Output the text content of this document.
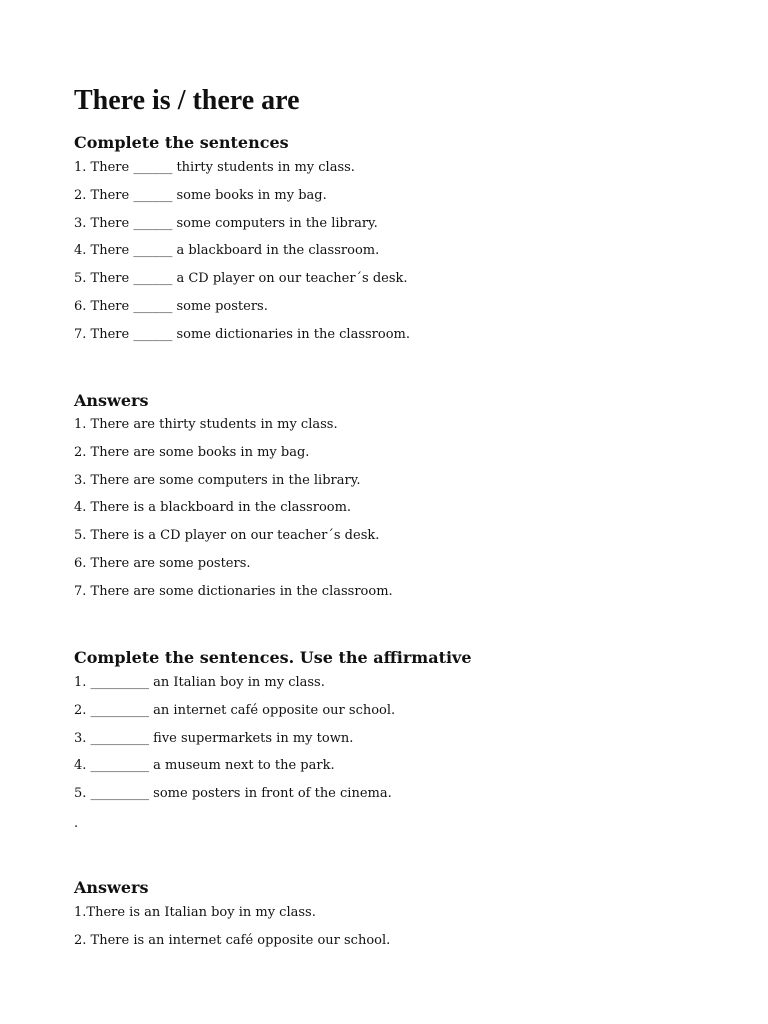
There is / there are
Complete the sentences
1. There ______ thirty students in my class.
2. There ______ some books in my bag.
3. There ______ some computers in the library.
4. There ______ a blackboard in the classroom.
5. There ______ a CD player on our teacher´s desk.
6. There ______ some posters.
7. There ______ some dictionaries in the classroom.
Answers
1. There are thirty students in my class.
2. There are some books in my bag.
3. There are some computers in the library.
4. There is a blackboard in the classroom.
5. There is a CD player on our teacher´s desk.
6. There are some posters.
7. There are some dictionaries in the classroom.
Complete the sentences. Use the affirmative
1. _________ an Italian boy in my class.
2. _________ an internet café opposite our school.
3. _________ five supermarkets in my town.
4. _________ a museum next to the park.
5. _________ some posters in front of the cinema.
.
Answers
1.There is an Italian boy in my class.
2. There is an internet café opposite our school.
